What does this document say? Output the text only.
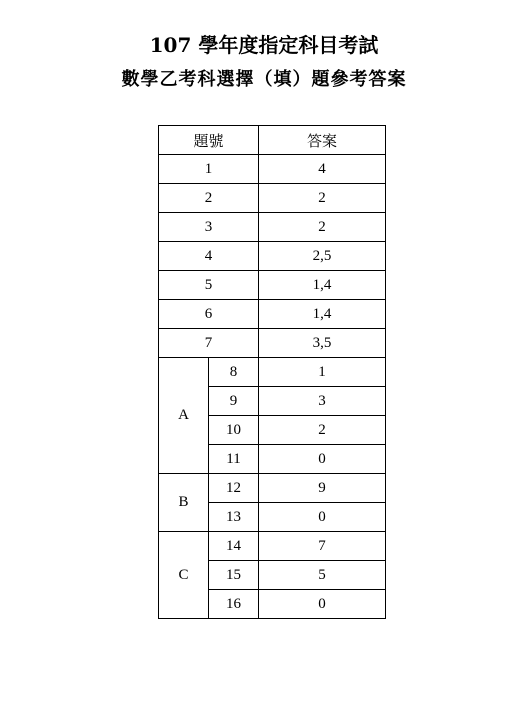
107 學年度指定科目考試
數學乙考科選擇（填）題參考答案
題號		答案
1		4
2		2
3		2
4		2,5
5		1,4
6		1,4
7		3,5
A	8	1
	9	3
	10	2
	11	0
B	12	9
	13	0
C	14	7
	15	5
	16	0
